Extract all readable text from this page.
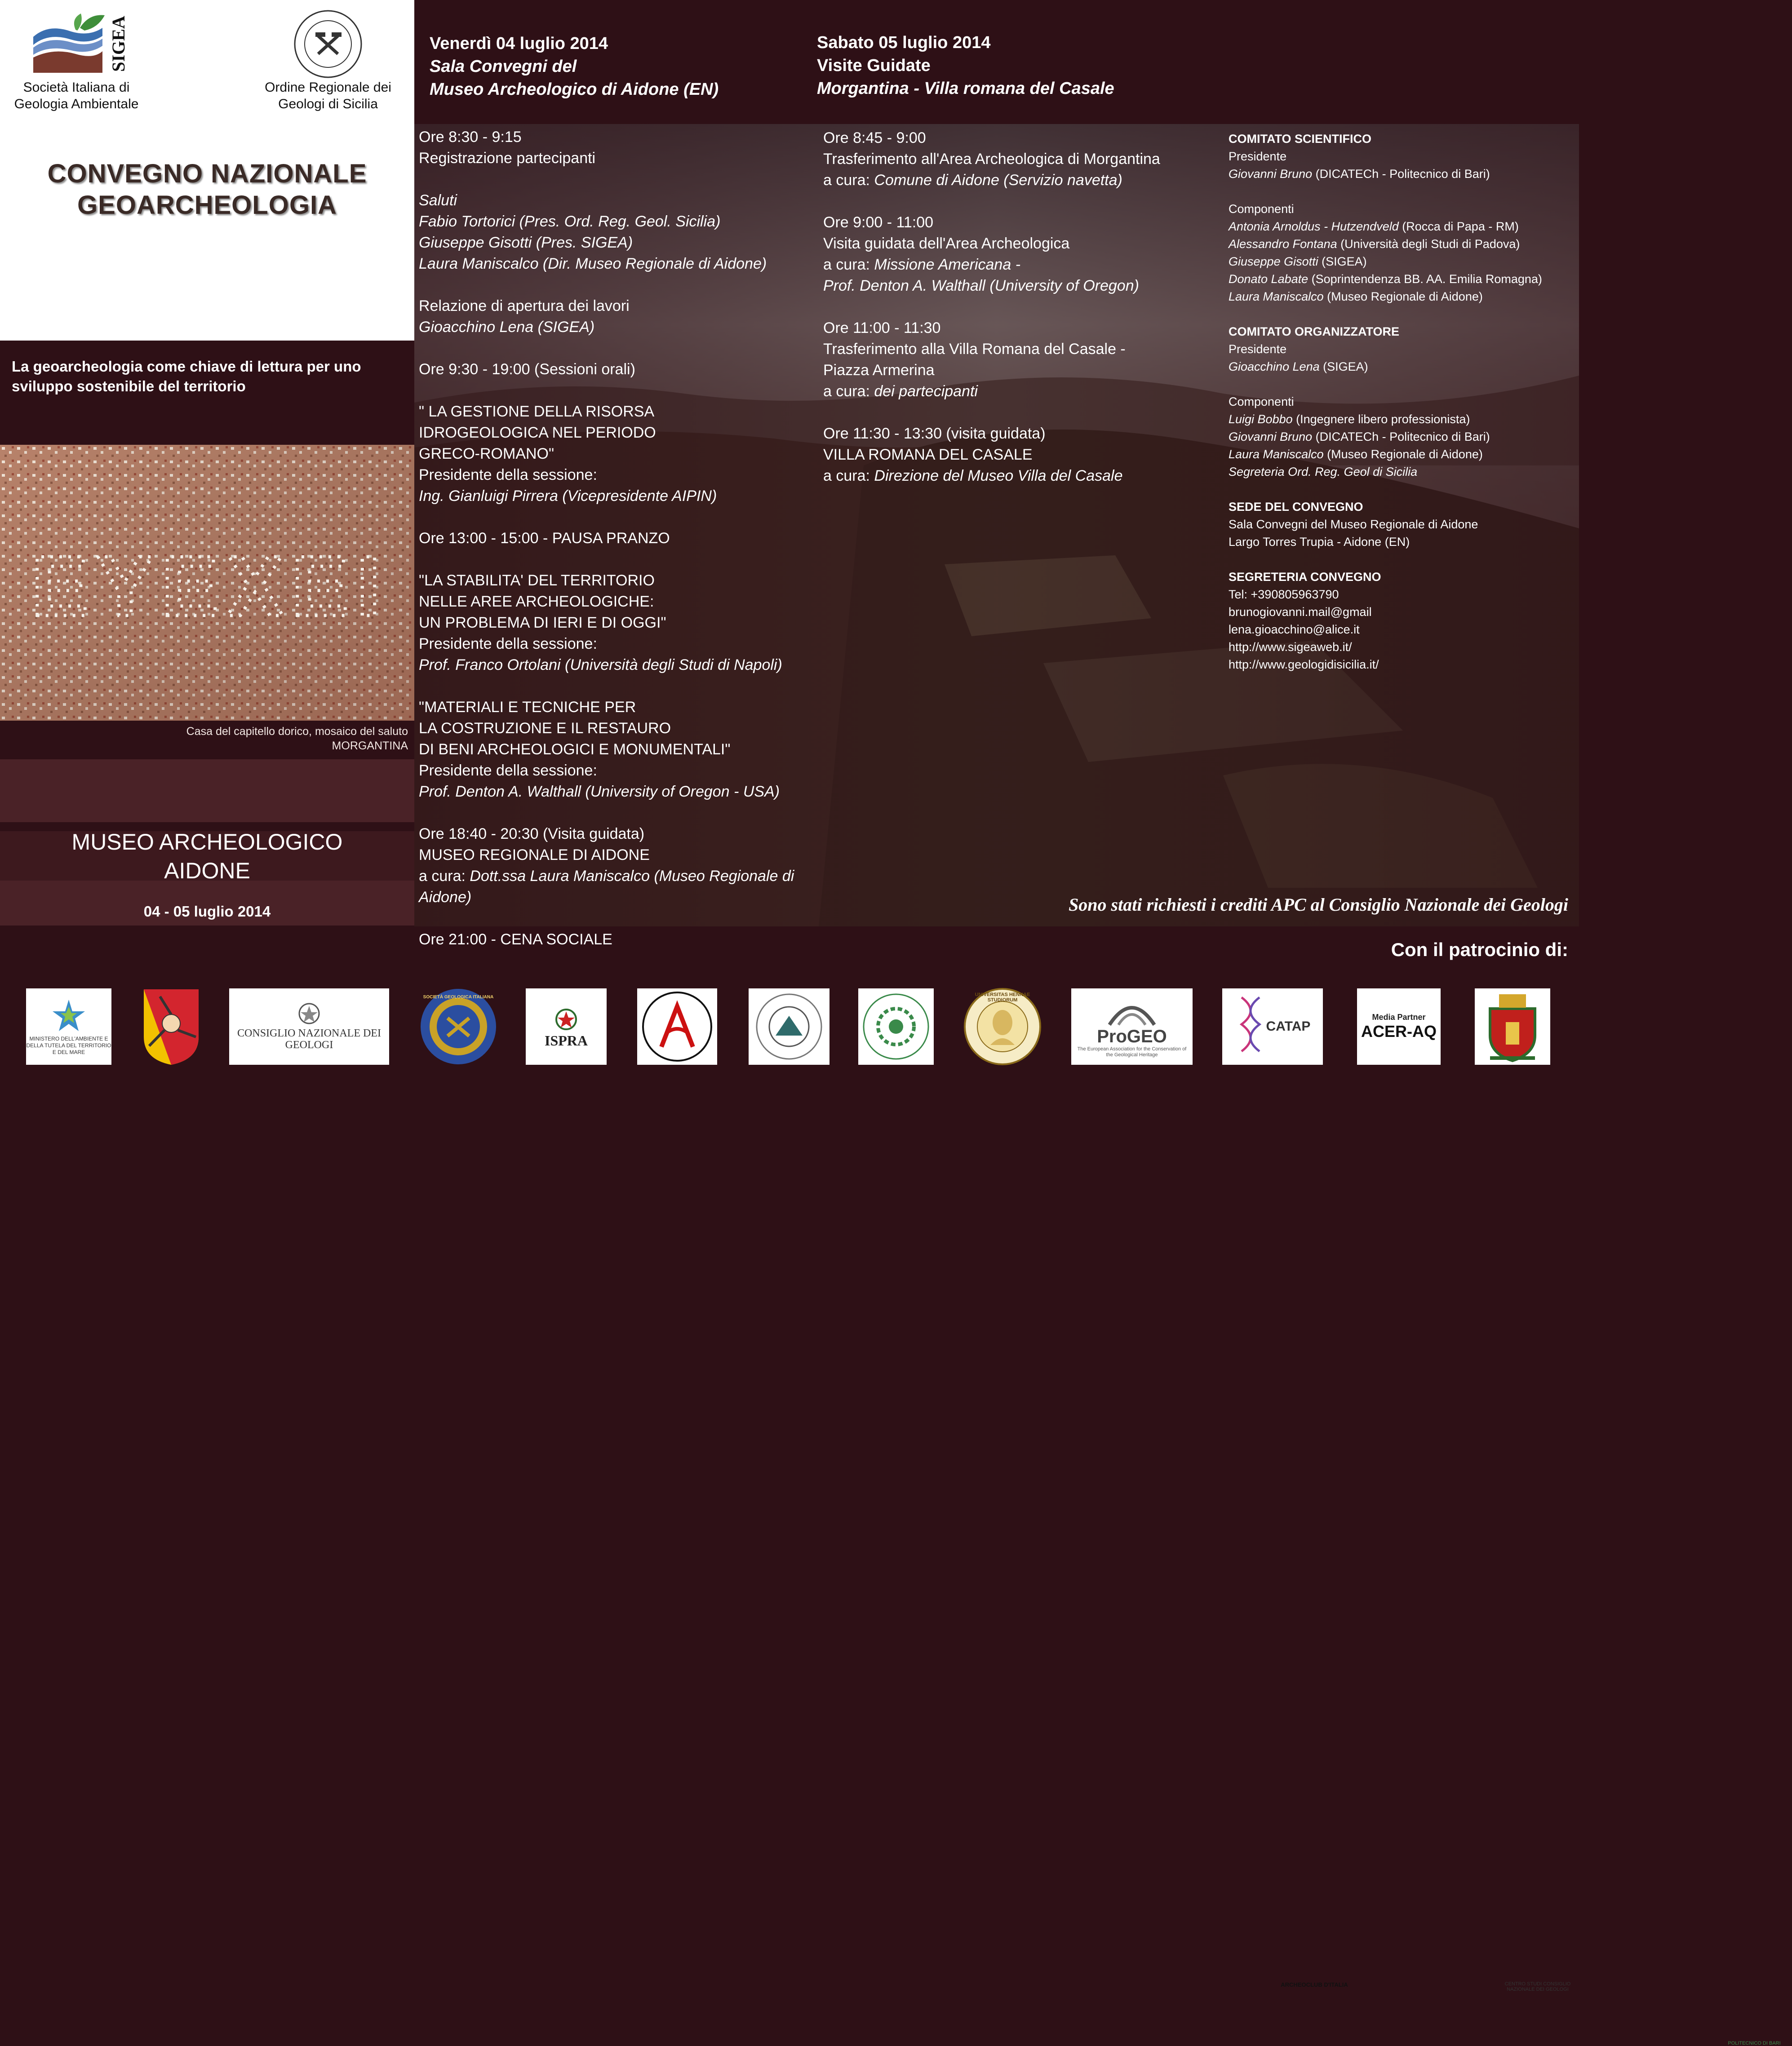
SIGEA
Società Italiana di Geologia Ambientale
Ordine Regionale dei Geologi di Sicilia
CONVEGNO NAZIONALE
GEOARCHEOLOGIA
La geoarcheologia come chiave di lettura per uno sviluppo sostenibile del territorio
EYEXEI
Casa del capitello dorico, mosaico del saluto
MORGANTINA
MUSEO ARCHEOLOGICO
AIDONE
04 - 05 luglio 2014
Venerdì 04 luglio 2014
Sala Convegni del
Museo Archeologico di Aidone (EN)
Sabato 05 luglio 2014
Visite Guidate
Morgantina - Villa romana del Casale
Ore 8:30 - 9:15
Registrazione partecipanti
Saluti
Fabio Tortorici (Pres. Ord. Reg. Geol. Sicilia)
Giuseppe Gisotti (Pres. SIGEA)
Laura Maniscalco (Dir. Museo Regionale di Aidone)
Relazione di apertura dei lavori
Gioacchino Lena (SIGEA)
Ore 9:30 - 19:00 (Sessioni orali)
" LA GESTIONE DELLA RISORSA
IDROGEOLOGICA NEL PERIODO
GRECO-ROMANO"
Presidente della sessione:
Ing. Gianluigi Pirrera (Vicepresidente AIPIN)
Ore 13:00 - 15:00 - PAUSA PRANZO
"LA STABILITA' DEL TERRITORIO
NELLE AREE ARCHEOLOGICHE:
UN PROBLEMA DI IERI E DI OGGI"
Presidente della sessione:
Prof. Franco Ortolani (Università degli Studi di Napoli)
"MATERIALI E TECNICHE PER
LA COSTRUZIONE E IL RESTAURO
DI BENI ARCHEOLOGICI E MONUMENTALI"
Presidente della sessione:
Prof. Denton A. Walthall (University of Oregon - USA)
Ore 18:40 - 20:30 (Visita guidata)
MUSEO REGIONALE DI AIDONE
a cura: Dott.ssa Laura Maniscalco (Museo Regionale di Aidone)
Ore 21:00 - CENA SOCIALE
Ore 8:45 - 9:00
Trasferimento all'Area Archeologica di Morgantina
a cura: Comune di Aidone (Servizio navetta)
Ore 9:00 - 11:00
Visita guidata dell'Area Archeologica
a cura: Missione Americana -
Prof. Denton A. Walthall (University of Oregon)
Ore 11:00 - 11:30
Trasferimento alla Villa Romana del Casale -
Piazza Armerina
a cura: dei partecipanti
Ore 11:30 - 13:30 (visita guidata)
VILLA ROMANA DEL CASALE
a cura: Direzione del Museo Villa del Casale
COMITATO SCIENTIFICO
Presidente
Giovanni Bruno (DICATECh - Politecnico di Bari)
Componenti
Antonia Arnoldus - Hutzendveld (Rocca di Papa - RM)
Alessandro Fontana (Università degli Studi di Padova)
Giuseppe Gisotti (SIGEA)
Donato Labate (Soprintendenza BB. AA. Emilia Romagna)
Laura Maniscalco (Museo Regionale di Aidone)
COMITATO ORGANIZZATORE
Presidente
Gioacchino Lena (SIGEA)
Componenti
Luigi Bobbo (Ingegnere libero professionista)
Giovanni Bruno (DICATECh - Politecnico di Bari)
Laura Maniscalco (Museo Regionale di Aidone)
Segreteria Ord. Reg. Geol di Sicilia
SEDE DEL CONVEGNO
Sala Convegni del Museo Regionale di Aidone
Largo Torres Trupia - Aidone (EN)
SEGRETERIA CONVEGNO
Tel: +390805963790
brunogiovanni.mail@gmail
lena.gioacchino@alice.it
http://www.sigeaweb.it/
http://www.geologidisicilia.it/
Sono stati richiesti i crediti APC al Consiglio Nazionale dei Geologi
Con il patrocinio di:
MINISTERO DELL'AMBIENTE E DELLA TUTELA DEL TERRITORIO E DEL MARE
CONSIGLIO NAZIONALE DEI GEOLOGI
SOCIETÀ GEOLOGICA ITALIANA
ISPRA
ARCHEOCLUB D'ITALIA	CENTRO STUDI CONSIGLIO NAZIONALE DEI GEOLOGI
POLITECNICO DI BARI
UNIVERSITAS HENNAE STUDIORUM
ProGEO
The European Association for the Conservation of the Geological Heritage
CATAP
Media Partner
ACER-AQ
